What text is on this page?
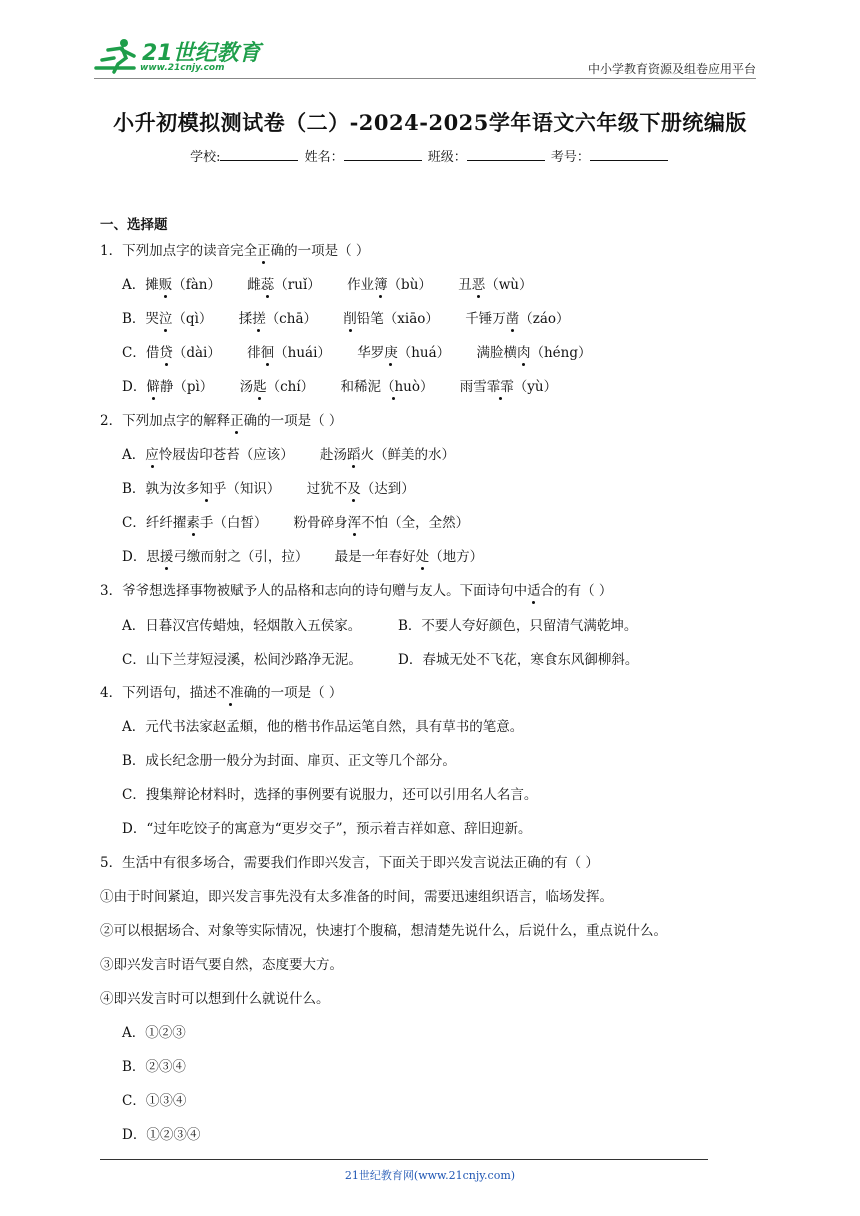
21世纪教育
www.21cnjy.com	中小学教育资源及组卷应用平台
小升初模拟测试卷（二）-2024-2025学年语文六年级下册统编版
学校:	姓名：	班级：	考号：
一、选择题
1．下列加点字的读音完全正确的一项是（ ）
A．摊贩（fàn） 雌蕊（ruǐ） 作业簿（bù） 丑恶（wù）
B．哭泣（qì） 揉搓（chā） 削铅笔（xiāo） 千锤万凿（záo）
C．借贷（dài） 徘徊（huái） 华罗庚（huá） 满脸横肉（héng）
D．僻静（pì） 汤匙（chí） 和稀泥（huò） 雨雪霏霏（yù）
2．下列加点字的解释正确的一项是（ ）
A．应怜屐齿印苍苔（应该） 赴汤蹈火（鲜美的水）
B．孰为汝多知乎（知识） 过犹不及（达到）
C．纤纤擢素手（白皙） 粉骨碎身浑不怕（全，全然）
D．思援弓缴而射之（引，拉） 最是一年春好处（地方）
3．爷爷想选择事物被赋予人的品格和志向的诗句赠与友人。下面诗句中适合的有（ ）
A．日暮汉宫传蜡烛，轻烟散入五侯家。	B．不要人夸好颜色，只留清气满乾坤。
C．山下兰芽短浸溪，松间沙路净无泥。	D．春城无处不飞花，寒食东风御柳斜。
4．下列语句，描述不准确的一项是（ ）
A．元代书法家赵孟頫，他的楷书作品运笔自然，具有草书的笔意。
B．成长纪念册一般分为封面、扉页、正文等几个部分。
C．搜集辩论材料时，选择的事例要有说服力，还可以引用名人名言。
D．“过年吃饺子的寓意为“更岁交子”，预示着吉祥如意、辞旧迎新。
5．生活中有很多场合，需要我们作即兴发言，下面关于即兴发言说法正确的有（ ）
①由于时间紧迫，即兴发言事先没有太多准备的时间，需要迅速组织语言，临场发挥。
②可以根据场合、对象等实际情况，快速打个腹稿，想清楚先说什么，后说什么，重点说什么。
③即兴发言时语气要自然，态度要大方。
④即兴发言时可以想到什么就说什么。
A．①②③
B．②③④
C．①③④
D．①②③④
21世纪教育网(www.21cnjy.com)
